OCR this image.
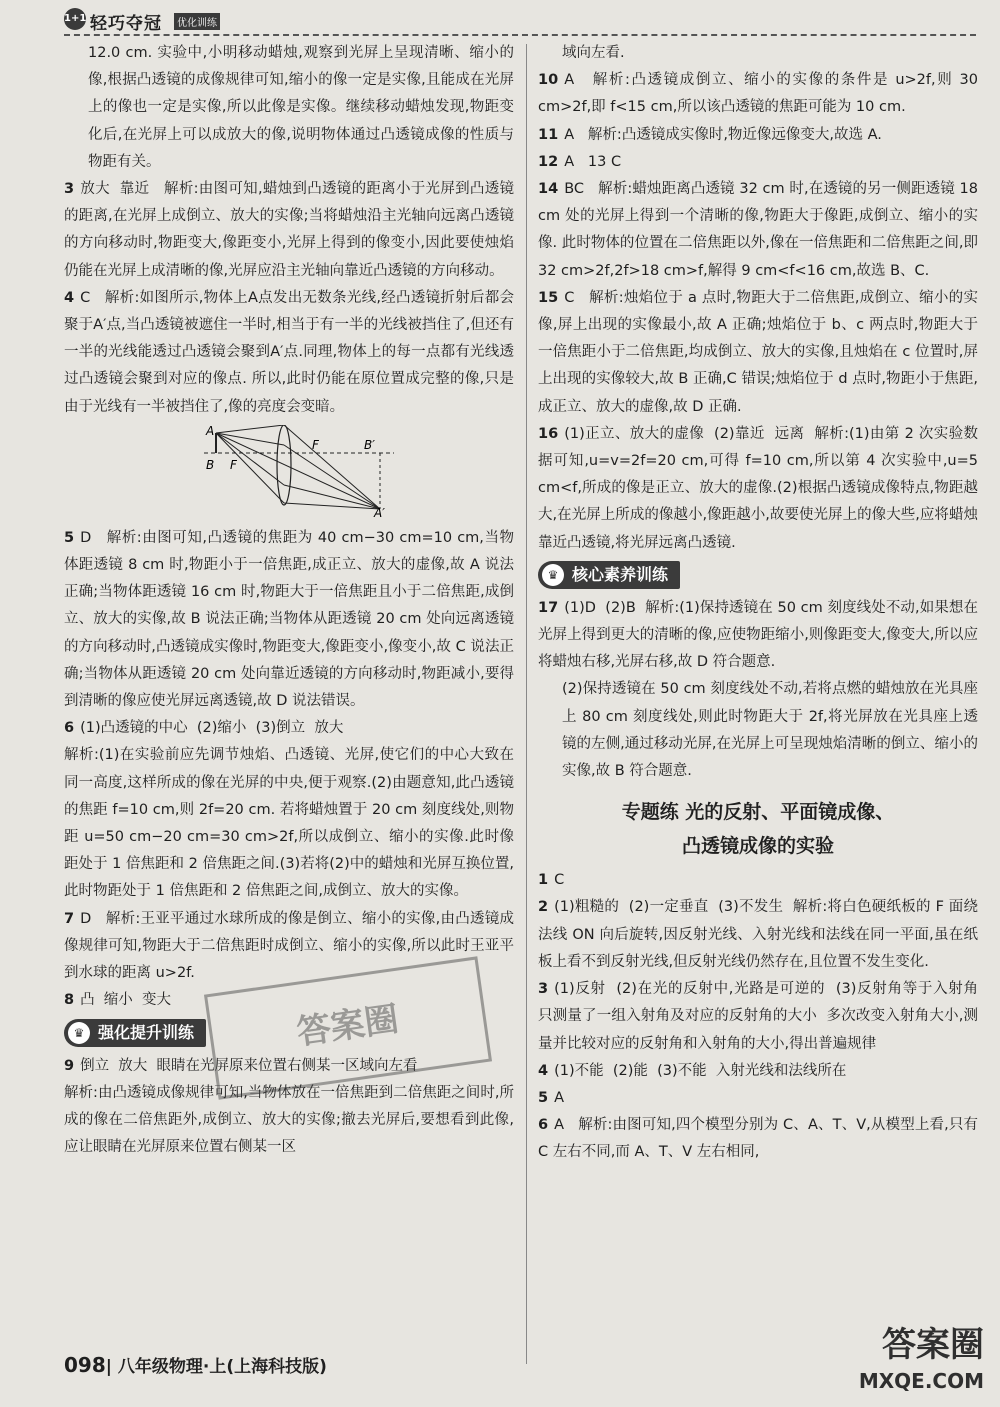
1+1 轻巧夺冠	优化训练

12.0 cm. 实验中,小明移动蜡烛,观察到光屏上呈现清晰、缩小的像,根据凸透镜的成像规律可知,缩小的像一定是实像,且能成在光屏上的像也一定是实像,所以此像是实像。继续移动蜡烛发现,物距变化后,在光屏上可以成放大的像,说明物体通过凸透镜成像的性质与物距有关。

3 放大  靠近   解析:由图可知,蜡烛到凸透镜的距离小于光屏到凸透镜的距离,在光屏上成倒立、放大的实像;当将蜡烛沿主光轴向远离凸透镜的方向移动时,物距变大,像距变小,光屏上得到的像变小,因此要使烛焰仍能在光屏上成清晰的像,光屏应沿主光轴向靠近凸透镜的方向移动。

4 C   解析:如图所示,物体上A点发出无数条光线,经凸透镜折射后都会聚于A′点,当凸透镜被遮住一半时,相当于有一半的光线被挡住了,但还有一半的光线能透过凸透镜会聚到A′点.同理,物体上的每一点都有光线透过凸透镜会聚到对应的像点. 所以,此时仍能在原位置成完整的像,只是由于光线有一半被挡住了,像的亮度会变暗。

A
B F
F	B′
A′

5 D   解析:由图可知,凸透镜的焦距为 40 cm−30 cm=10 cm,当物体距透镜 8 cm 时,物距小于一倍焦距,成正立、放大的虚像,故 A 说法正确;当物体距透镜 16 cm 时,物距大于一倍焦距且小于二倍焦距,成倒立、放大的实像,故 B 说法正确;当物体从距透镜 20 cm 处向远离透镜的方向移动时,凸透镜成实像时,物距变大,像距变小,像变小,故 C 说法正确;当物体从距透镜 20 cm 处向靠近透镜的方向移动时,物距减小,要得到清晰的像应使光屏远离透镜,故 D 说法错误。

6 (1)凸透镜的中心  (2)缩小  (3)倒立  放大

解析:(1)在实验前应先调节烛焰、凸透镜、光屏,使它们的中心大致在同一高度,这样所成的像在光屏的中央,便于观察.(2)由题意知,此凸透镜的焦距 f=10 cm,则 2f=20 cm. 若将蜡烛置于 20 cm 刻度线处,则物距 u=50 cm−20 cm=30 cm>2f,所以成倒立、缩小的实像.此时像距处于 1 倍焦距和 2 倍焦距之间.(3)若将(2)中的蜡烛和光屏互换位置,此时物距处于 1 倍焦距和 2 倍焦距之间,成倒立、放大的实像。

7 D   解析:王亚平通过水球所成的像是倒立、缩小的实像,由凸透镜成像规律可知,物距大于二倍焦距时成倒立、缩小的实像,所以此时王亚平到水球的距离 u>2f.

8 凸  缩小  变大

♛ 强化提升训练

9 倒立  放大  眼睛在光屏原来位置右侧某一区域向左看

解析:由凸透镜成像规律可知,当物体放在一倍焦距到二倍焦距之间时,所成的像在二倍焦距外,成倒立、放大的实像;撤去光屏后,要想看到此像,应让眼睛在光屏原来位置右侧某一区

域向左看.

10 A   解析:凸透镜成倒立、缩小的实像的条件是 u>2f,则 30 cm>2f,即 f<15 cm,所以该凸透镜的焦距可能为 10 cm.

11 A   解析:凸透镜成实像时,物近像远像变大,故选 A.

12 A   13 C

14 BC   解析:蜡烛距离凸透镜 32 cm 时,在透镜的另一侧距透镜 18 cm 处的光屏上得到一个清晰的像,物距大于像距,成倒立、缩小的实像. 此时物体的位置在二倍焦距以外,像在一倍焦距和二倍焦距之间,即 32 cm>2f,2f>18 cm>f,解得 9 cm<f<16 cm,故选 B、C.

15 C   解析:烛焰位于 a 点时,物距大于二倍焦距,成倒立、缩小的实像,屏上出现的实像最小,故 A 正确;烛焰位于 b、c 两点时,物距大于一倍焦距小于二倍焦距,均成倒立、放大的实像,且烛焰在 c 位置时,屏上出现的实像较大,故 B 正确,C 错误;烛焰位于 d 点时,物距小于焦距,成正立、放大的虚像,故 D 正确.

16 (1)正立、放大的虚像  (2)靠近  远离  解析:(1)由第 2 次实验数据可知,u=v=2f=20 cm,可得 f=10 cm,所以第 4 次实验中,u=5 cm<f,所成的像是正立、放大的虚像.(2)根据凸透镜成像特点,物距越大,在光屏上所成的像越小,像距越小,故要使光屏上的像大些,应将蜡烛靠近凸透镜,将光屏远离凸透镜.

♛ 核心素养训练

17 (1)D  (2)B  解析:(1)保持透镜在 50 cm 刻度线处不动,如果想在光屏上得到更大的清晰的像,应使物距缩小,则像距变大,像变大,所以应将蜡烛右移,光屏右移,故 D 符合题意.

(2)保持透镜在 50 cm 刻度线处不动,若将点燃的蜡烛放在光具座上 80 cm 刻度线处,则此时物距大于 2f,将光屏放在光具座上透镜的左侧,通过移动光屏,在光屏上可呈现烛焰清晰的倒立、缩小的实像,故 B 符合题意.

专题练 光的反射、平面镜成像、
凸透镜成像的实验

1 C

2 (1)粗糙的  (2)一定垂直  (3)不发生  解析:将白色硬纸板的 F 面绕法线 ON 向后旋转,因反射光线、入射光线和法线在同一平面,虽在纸板上看不到反射光线,但反射光线仍然存在,且位置不发生变化.

3 (1)反射  (2)在光的反射中,光路是可逆的  (3)反射角等于入射角  只测量了一组入射角及对应的反射角的大小  多次改变入射角大小,测量并比较对应的反射角和入射角的大小,得出普遍规律

4 (1)不能  (2)能  (3)不能  入射光线和法线所在

5 A

6 A   解析:由图可知,四个模型分别为 C、A、T、V,从模型上看,只有 C 左右不同,而 A、T、V 左右相同,

答案圈
098| 八年级物理·上(上海科技版)
答案圈
MXQE.COM
